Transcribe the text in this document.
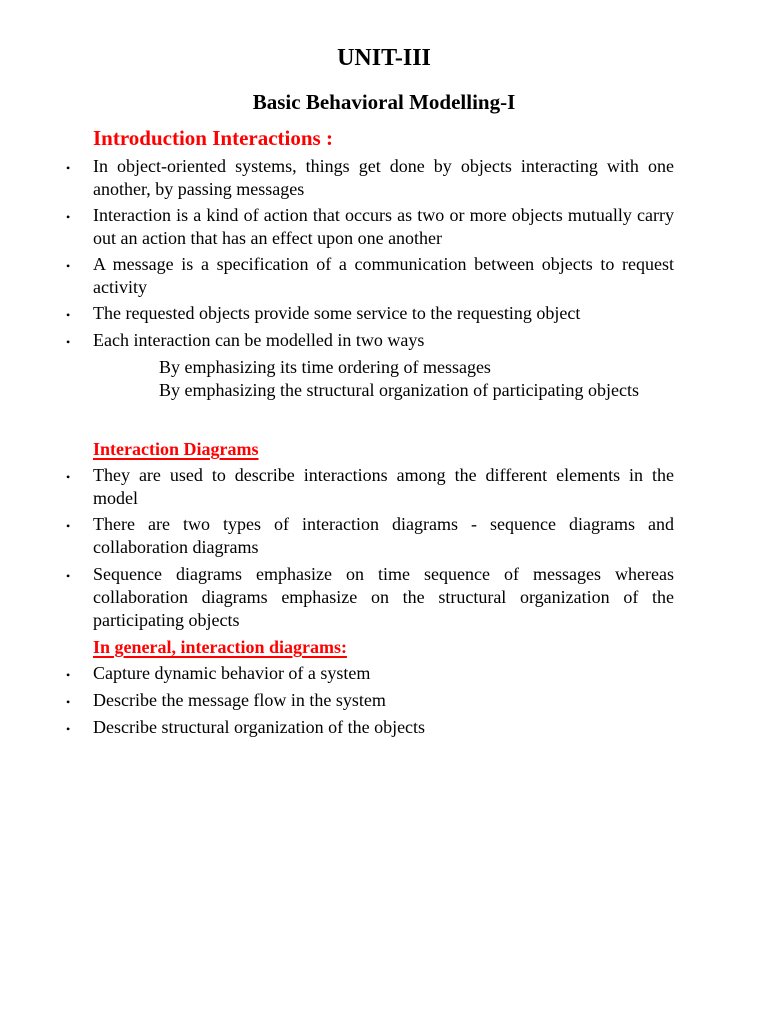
UNIT-III
Basic Behavioral Modelling-I
Introduction Interactions :
• In object-oriented systems, things get done by objects interacting with one another, by passing messages
• Interaction is a kind of action that occurs as two or more objects mutually carry out an action that has an effect upon one another
• A message is a specification of a communication between objects to request activity
• The requested objects provide some service to the requesting object
• Each interaction can be modelled in two ways
By emphasizing its time ordering of messages
By emphasizing the structural organization of participating objects
Interaction Diagrams
• They are used to describe interactions among the different elements in the model
• There are two types of interaction diagrams - sequence diagrams and collaboration diagrams
• Sequence diagrams emphasize on time sequence of messages whereas collaboration diagrams emphasize on the structural organization of the participating objects
In general, interaction diagrams:
• Capture dynamic behavior of a system
• Describe the message flow in the system
• Describe structural organization of the objects
